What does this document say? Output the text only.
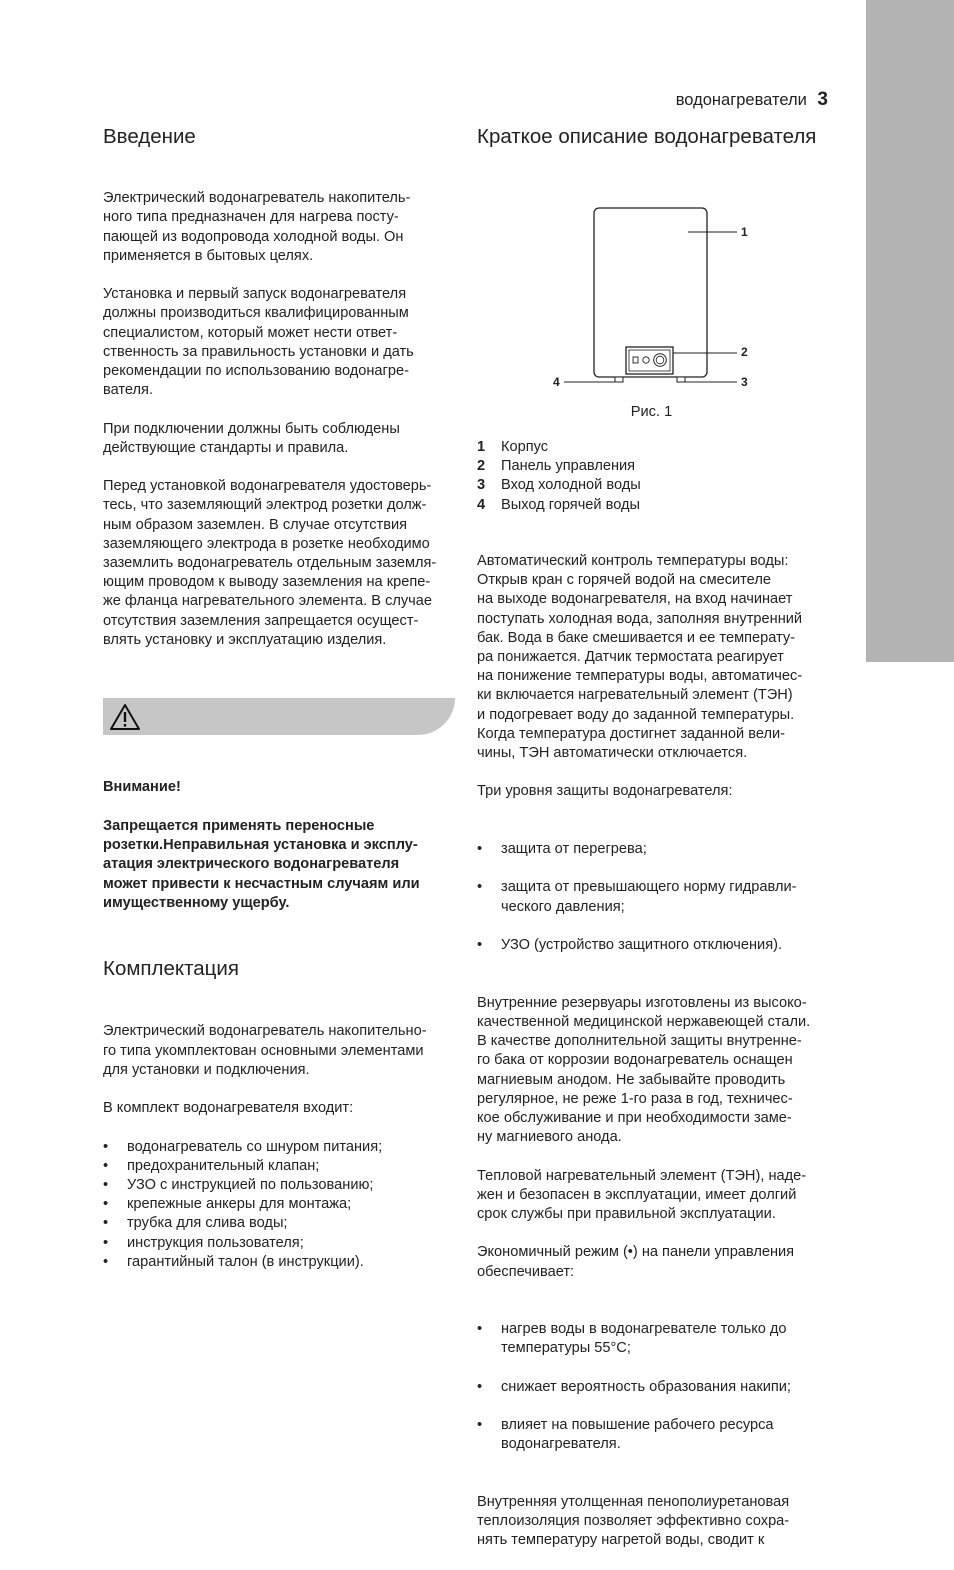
водонагреватели 3
Введение

Электрический водонагреватель накопитель-
ного типа предназначен для нагрева посту-
пающей из водопровода холодной воды. Он
применяется в бытовых целях.

Установка и первый запуск водонагревателя
должны производиться квалифицированным
специалистом, который может нести ответ-
ственность за правильность установки и дать
рекомендации по использованию водонагре-
вателя.

При подключении должны быть соблюдены
действующие стандарты и правила.

Перед установкой водонагревателя удостоверь-
тесь, что заземляющий электрод розетки долж-
ным образом заземлен. В случае отсутствия
заземляющего электрода в розетке необходимо
заземлить водонагреватель отдельным заземля-
ющим проводом к выводу заземления на крепе-
же фланца нагревательного элемента. В случае
отсутствия заземления запрещается осущест-
влять установку и эксплуатацию изделия.

Внимание!

Запрещается применять переносные
розетки.Неправильная установка и эксплу-
атация электрического водонагревателя
может привести к несчастным случаям или
имущественному ущербу.

Комплектация

Электрический водонагреватель накопительно-
го типа укомплектован основными элементами
для установки и подключения.

В комплект водонагревателя входит:

• водонагреватель со шнуром питания;
• предохранительный клапан;
• УЗО с инструкцией по пользованию;
• крепежные анкеры для монтажа;
• трубка для слива воды;
• инструкция пользователя;
• гарантийный талон (в инструкции).
Краткое описание водонагревателя
1
2
3
4
Рис. 1
1 Корпус
2 Панель управления
3 Вход холодной воды
4 Выход горячей воды

Автоматический контроль температуры воды:
Открыв кран с горячей водой на смесителе
на выходе водонагревателя, на вход начинает
поступать холодная вода, заполняя внутренний
бак. Вода в баке смешивается и ее температу-
ра понижается. Датчик термостата реагирует
на понижение температуры воды, автоматичес-
ки включается нагревательный элемент (ТЭН)
и подогревает воду до заданной температуры.
Когда температура достигнет заданной вели-
чины, ТЭН автоматически отключается.

Три уровня защиты водонагревателя:

• защита от перегрева;

• защита от превышающего норму гидравли-
ческого давления;

• УЗО (устройство защитного отключения).

Внутренние резервуары изготовлены из высоко-
качественной медицинской нержавеющей стали.
В качестве дополнительной защиты внутренне-
го бака от коррозии водонагреватель оснащен
магниевым анодом. Не забывайте проводить
регулярное, не реже 1-го раза в год, техничес-
кое обслуживание и при необходимости заме-
ну магниевого анода.

Тепловой нагревательный элемент (ТЭН), наде-
жен и безопасен в эксплуатации, имеет долгий
срок службы при правильной эксплуатации.

Экономичный режим (•) на панели управления
обеспечивает:

• нагрев воды в водонагревателе только до
температуры 55°C;

• снижает вероятность образования накипи;

• влияет на повышение рабочего ресурса
водонагревателя.

Внутренняя утолщенная пенополиуретановая
теплоизоляция позволяет эффективно сохра-
нять температуру нагретой воды, сводит к
